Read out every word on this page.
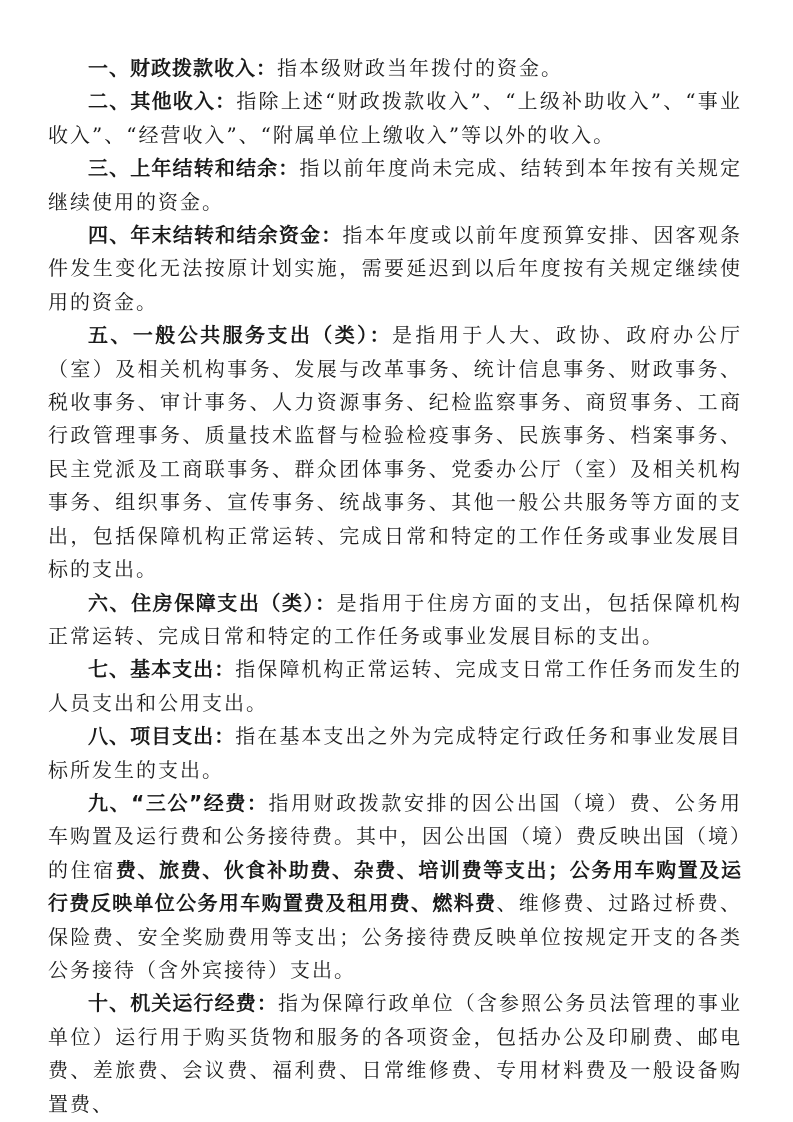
一、财政拨款收入：指本级财政当年拨付的资金。

二、其他收入：指除上述“财政拨款收入”、“上级补助收入”、“事业收入”、“经营收入”、“附属单位上缴收入”等以外的收入。

三、上年结转和结余：指以前年度尚未完成、结转到本年按有关规定继续使用的资金。

四、年末结转和结余资金：指本年度或以前年度预算安排、因客观条件发生变化无法按原计划实施，需要延迟到以后年度按有关规定继续使用的资金。

五、一般公共服务支出（类）：是指用于人大、政协、政府办公厅（室）及相关机构事务、发展与改革事务、统计信息事务、财政事务、税收事务、审计事务、人力资源事务、纪检监察事务、商贸事务、工商行政管理事务、质量技术监督与检验检疫事务、民族事务、档案事务、民主党派及工商联事务、群众团体事务、党委办公厅（室）及相关机构事务、组织事务、宣传事务、统战事务、其他一般公共服务等方面的支出，包括保障机构正常运转、完成日常和特定的工作任务或事业发展目标的支出。

六、住房保障支出（类）：是指用于住房方面的支出，包括保障机构正常运转、完成日常和特定的工作任务或事业发展目标的支出。

七、基本支出：指保障机构正常运转、完成支日常工作任务而发生的人员支出和公用支出。

八、项目支出：指在基本支出之外为完成特定行政任务和事业发展目标所发生的支出。

九、“三公”经费：指用财政拨款安排的因公出国（境）费、公务用车购置及运行费和公务接待费。其中，因公出国（境）费反映出国（境）的住宿费、旅费、伙食补助费、杂费、培训费等支出；公务用车购置及运行费反映单位公务用车购置费及租用费、燃料费、维修费、过路过桥费、保险费、安全奖励费用等支出；公务接待费反映单位按规定开支的各类公务接待（含外宾接待）支出。

十、机关运行经费：指为保障行政单位（含参照公务员法管理的事业单位）运行用于购买货物和服务的各项资金，包括办公及印刷费、邮电费、差旅费、会议费、福利费、日常维修费、专用材料费及一般设备购置费、
